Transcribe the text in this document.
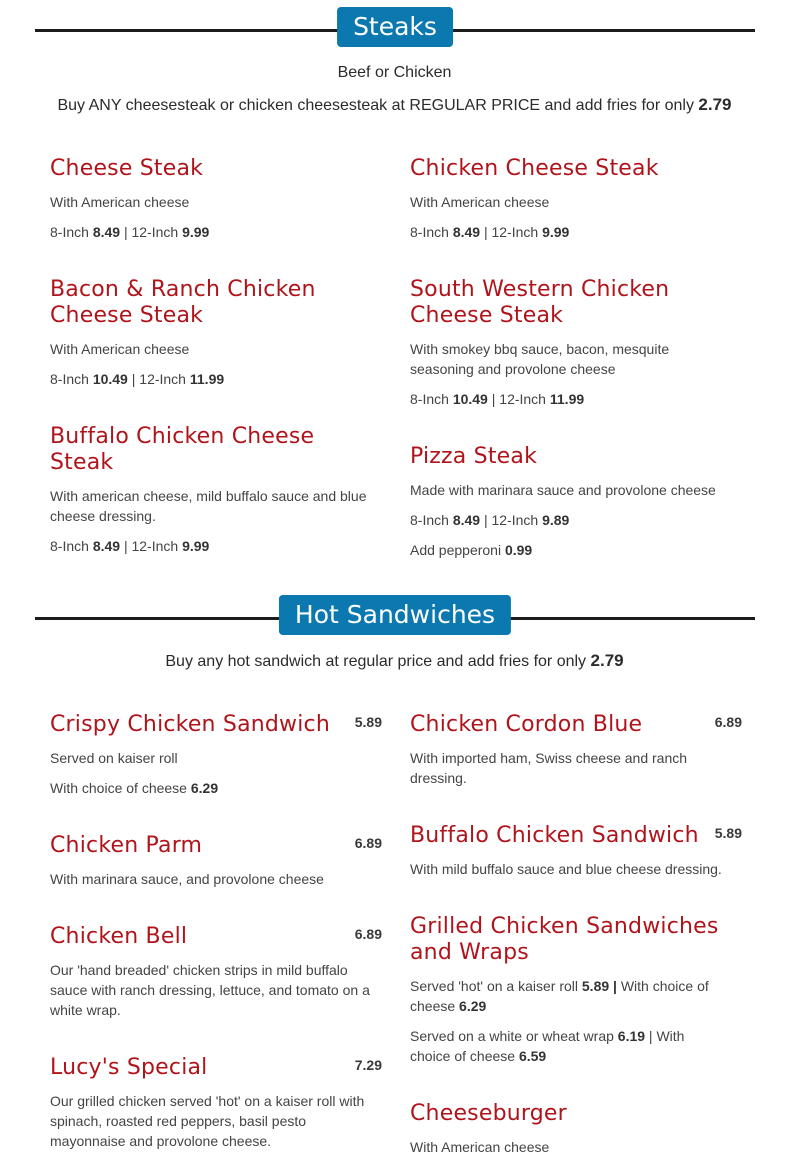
Steaks
Beef or Chicken
Buy ANY cheesesteak or chicken cheesesteak at REGULAR PRICE and add fries for only 2.79
Cheese Steak

With American cheese

8-Inch 8.49 | 12-Inch 9.99

Chicken Cheese Steak

With American cheese

8-Inch 8.49 | 12-Inch 9.99

Bacon & Ranch Chicken Cheese Steak

With American cheese

8-Inch 10.49 | 12-Inch 11.99

South Western Chicken Cheese Steak

With smokey bbq sauce, bacon, mesquite seasoning and provolone cheese

8-Inch 10.49 | 12-Inch 11.99

Buffalo Chicken Cheese Steak

With american cheese, mild buffalo sauce and blue cheese dressing.

8-Inch 8.49 | 12-Inch 9.99

Pizza Steak

Made with marinara sauce and provolone cheese

8-Inch 8.49 | 12-Inch 9.89

Add pepperoni 0.99

Hot Sandwiches
Buy any hot sandwich at regular price and add fries for only 2.79
Crispy Chicken Sandwich	5.89

Served on kaiser roll

With choice of cheese 6.29

Chicken Cordon Blue	6.89

With imported ham, Swiss cheese and ranch dressing.

Chicken Parm	6.89

With marinara sauce, and provolone cheese

Buffalo Chicken Sandwich	5.89

With mild buffalo sauce and blue cheese dressing.

Chicken Bell	6.89

Our 'hand breaded' chicken strips in mild buffalo sauce with ranch dressing, lettuce, and tomato on a white wrap.

Grilled Chicken Sandwiches and Wraps

Served 'hot' on a kaiser roll 5.89 | With choice of cheese 6.29

Served on a white or wheat wrap 6.19 | With choice of cheese 6.59

Lucy's Special	7.29

Our grilled chicken served 'hot' on a kaiser roll with spinach, roasted red peppers, basil pesto mayonnaise and provolone cheese.

Cheeseburger

With American cheese
